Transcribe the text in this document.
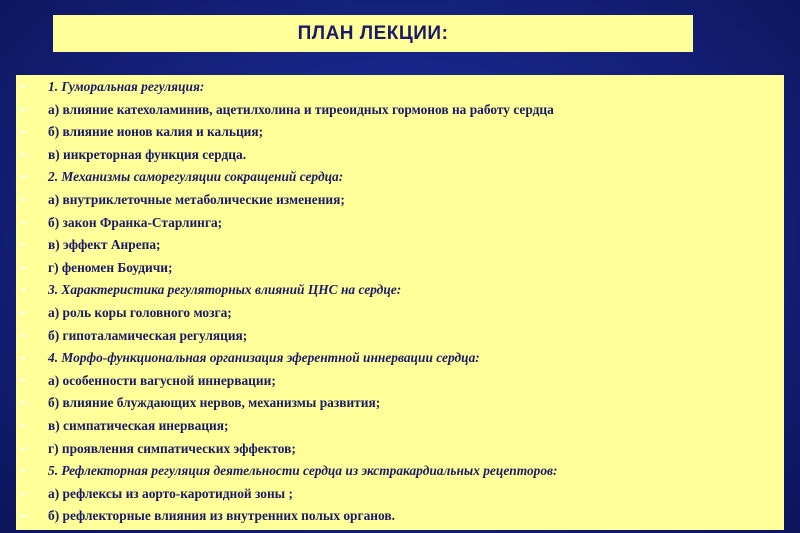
ПЛАН ЛЕКЦИИ:
•	1. Гуморальная регуляция:
•	а) влияние катехоламинив, ацетилхолина и тиреоидных гормонов на работу сердца
•	б) влияние ионов калия и кальция;
•	в) инкреторная функция сердца.
•	2. Механизмы саморегуляции сокращений сердца:
•	а) внутриклеточные метаболические изменения;
•	б) закон Франка-Старлинга;
•	в) эффект Анрепа;
•	г) феномен Боудичи;
•	3. Характеристика регуляторных влияний ЦНС на сердце:
•	а) роль коры головного мозга;
•	б) гипоталамическая регуляция;
•	4. Морфо-функциональная организация эферентной иннервации сердца:
•	а) особенности вагусной иннервации;
•	б) влияние блуждающих нервов, механизмы развития;
•	в) симпатическая инервация;
•	г) проявления симпатических эффектов;
•	5. Рефлекторная регуляция деятельности сердца из экстракардиальных рецепторов:
•	а) рефлексы из аорто-каротидной зоны ;
•	б) рефлекторные влияния из внутренних полых органов.
